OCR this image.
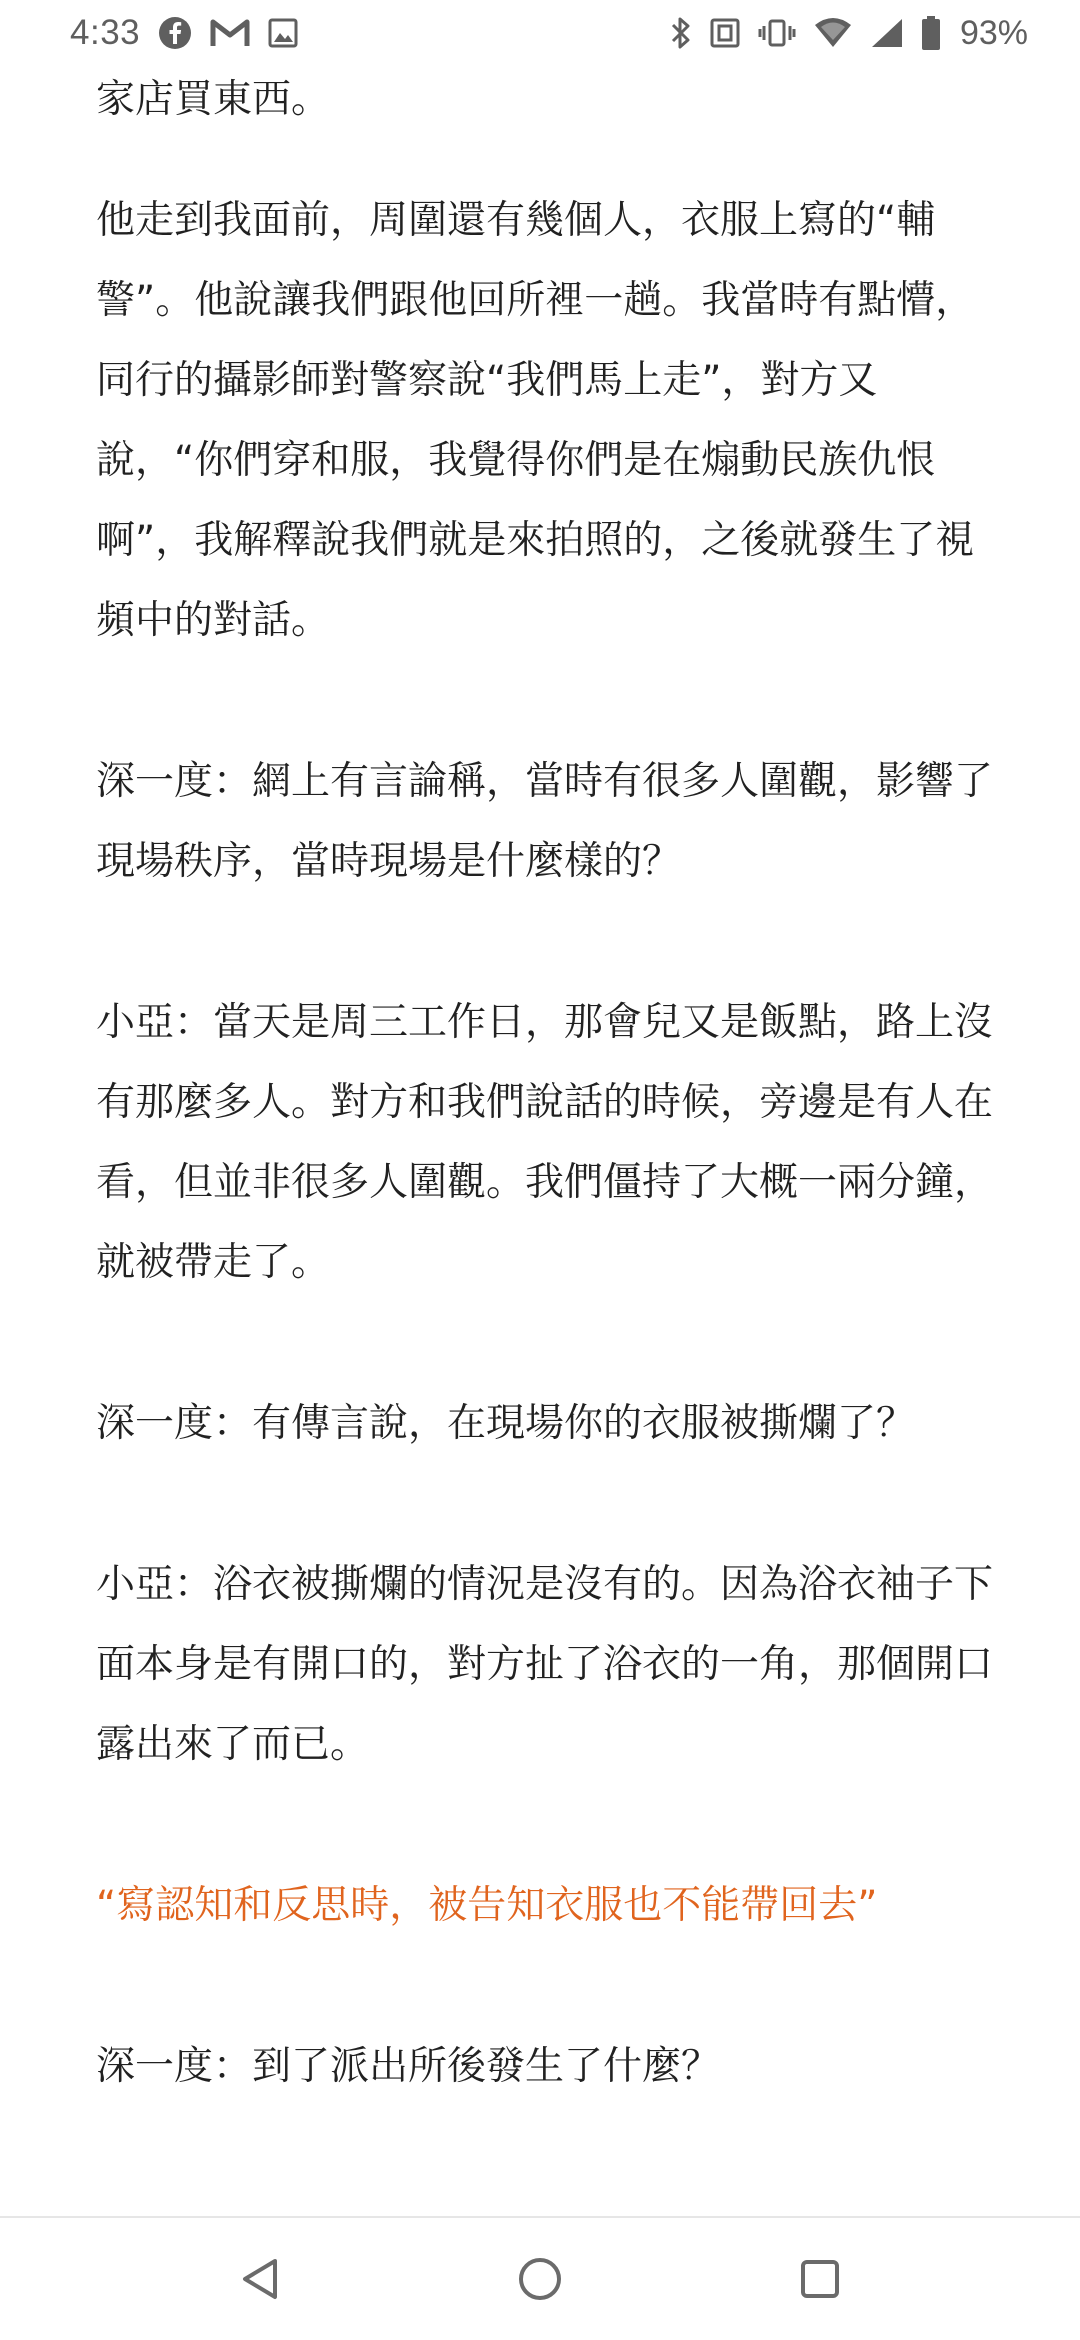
4:33	93%

家店買東西。

他走到我面前，周圍還有幾個人，衣服上寫的“輔警”。他說讓我們跟他回所裡一趟。我當時有點懵，同行的攝影師對警察說“我們馬上走”，對方又說，“你們穿和服，我覺得你們是在煽動民族仇恨啊”，我解釋說我們就是來拍照的，之後就發生了視頻中的對話。

深一度：網上有言論稱，當時有很多人圍觀，影響了現場秩序，當時現場是什麼樣的？

小亞：當天是周三工作日，那會兒又是飯點，路上沒有那麼多人。對方和我們說話的時候，旁邊是有人在看，但並非很多人圍觀。我們僵持了大概一兩分鐘，就被帶走了。

深一度：有傳言說，在現場你的衣服被撕爛了？

小亞：浴衣被撕爛的情況是沒有的。因為浴衣袖子下面本身是有開口的，對方扯了浴衣的一角，那個開口露出來了而已。

“寫認知和反思時，被告知衣服也不能帶回去”

深一度：到了派出所後發生了什麼？
